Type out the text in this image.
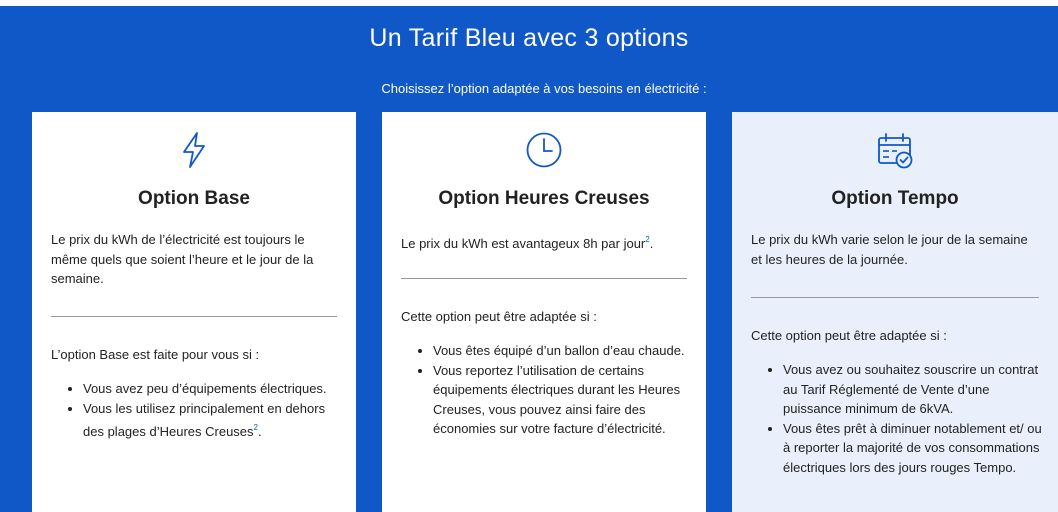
Un Tarif Bleu avec 3 options
Choisissez l’option adaptée à vos besoins en électricité :
Option Base

Le prix du kWh de l’électricité est toujours le même quels que soient l’heure et le jour de la semaine.

L’option Base est faite pour vous si :

• Vous avez peu d’équipements électriques.
• Vous les utilisez principalement en dehors des plages d’Heures Creuses$^2$.
Option Heures Creuses

Le prix du kWh est avantageux 8h par jour$^2$.

Cette option peut être adaptée si :

• Vous êtes équipé d’un ballon d’eau chaude.
• Vous reportez l’utilisation de certains équipements électriques durant les Heures Creuses, vous pouvez ainsi faire des économies sur votre facture d’électricité.
Option Tempo

Le prix du kWh varie selon le jour de la semaine et les heures de la journée.

Cette option peut être adaptée si :

• Vous avez ou souhaitez souscrire un contrat au Tarif Réglementé de Vente d’une puissance minimum de 6kVA.
• Vous êtes prêt à diminuer notablement et/ ou à reporter la majorité de vos consommations électriques lors des jours rouges Tempo.
